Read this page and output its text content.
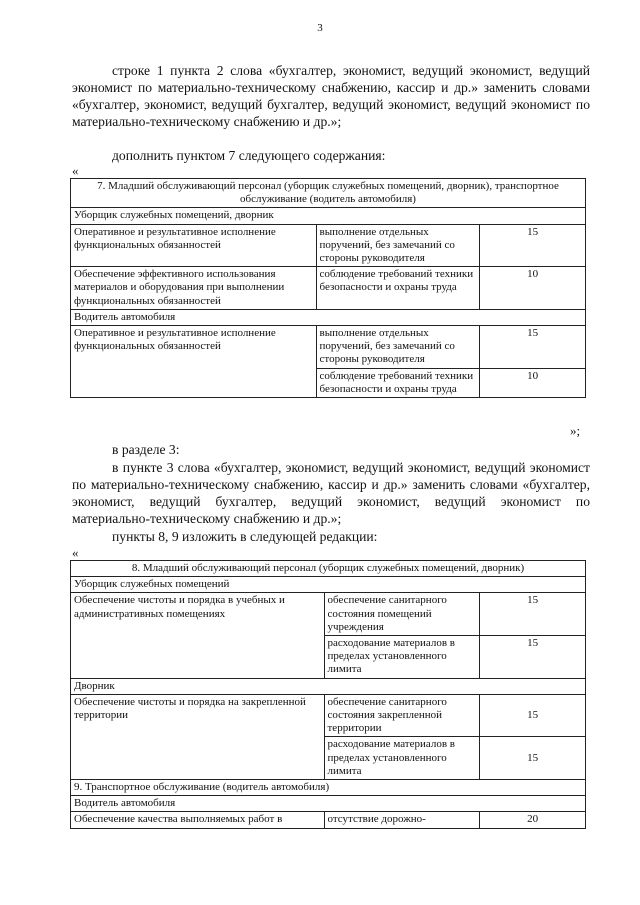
3

строке 1 пункта 2 слова «бухгалтер, экономист, ведущий экономист, ведущий экономист по материально-техническому снабжению, кассир и др.» заменить словами «бухгалтер, экономист, ведущий бухгалтер, ведущий экономист, ведущий экономист по материально-техническому снабжению и др.»;

дополнить пунктом 7 следующего содержания:

«
7. Младший обслуживающий персонал (уборщик служебных помещений, дворник), транспортное обслуживание (водитель автомобиля)		
Уборщик служебных помещений, дворник		
Оперативное и результативное исполнение функциональных обязанностей	выполнение отдельных поручений, без замечаний со стороны руководителя	15
Обеспечение эффективного использования материалов и оборудования при выполнении функциональных обязанностей	соблюдение требований техники безопасности и охраны труда	10
Водитель автомобиля		
Оперативное и результативное исполнение функциональных обязанностей	выполнение отдельных поручений, без замечаний со стороны руководителя	15
	соблюдение требований техники безопасности и охраны труда	10
»;

в разделе 3:

в пункте 3 слова «бухгалтер, экономист, ведущий экономист, ведущий экономист по материально-техническому снабжению, кассир и др.» заменить словами «бухгалтер, экономист, ведущий бухгалтер, ведущий экономист, ведущий экономист по материально-техническому снабжению и др.»;

пункты 8, 9 изложить в следующей редакции:

«
8. Младший обслуживающий персонал (уборщик служебных помещений, дворник)		
Уборщик служебных помещений		
Обеспечение чистоты и порядка в учебных и административных помещениях	обеспечение санитарного состояния помещений учреждения	15
	расходование материалов в пределах установленного лимита	15
Дворник		
Обеспечение чистоты и порядка на закрепленной территории	обеспечение санитарного состояния закрепленной территории	15
	расходование материалов в пределах установленного лимита	15
9. Транспортное обслуживание (водитель автомобиля)		
Водитель автомобиля		
Обеспечение качества выполняемых работ в	отсутствие дорожно-	20
